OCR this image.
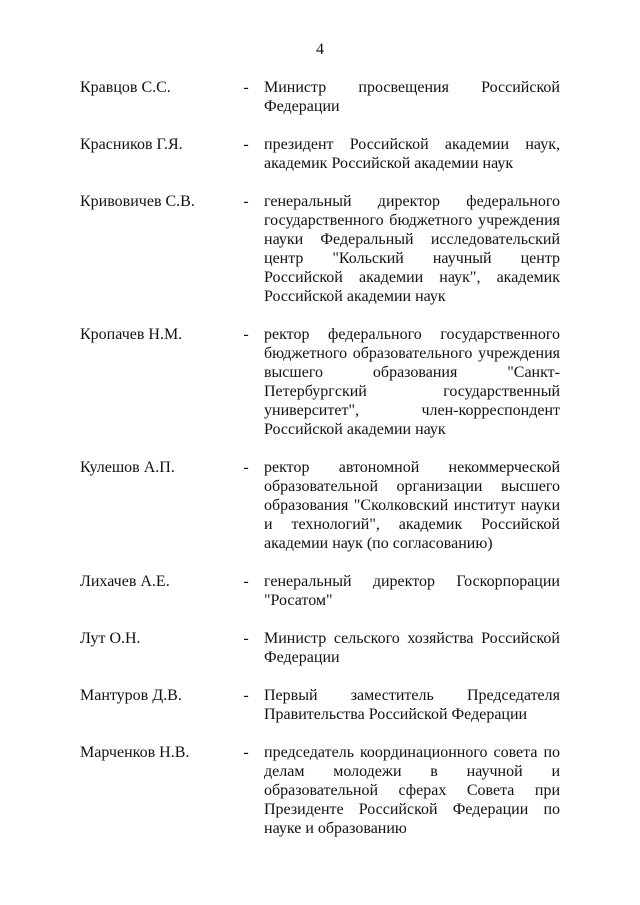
4
Кравцов С.С.	- Министр просвещения Российской Федерации
Красников Г.Я.	- президент Российской академии наук, академик Российской академии наук
Кривовичев С.В.	- генеральный директор федерального государственного бюджетного учреждения науки Федеральный исследовательский центр "Кольский научный центр Российской академии наук", академик Российской академии наук
Кропачев Н.М.	- ректор федерального государственного бюджетного образовательного учреждения высшего образования "Санкт-Петербургский государственный университет", член-корреспондент Российской академии наук
Кулешов А.П.	- ректор автономной некоммерческой образовательной организации высшего образования "Сколковский институт науки и технологий", академик Российской академии наук (по согласованию)
Лихачев А.Е.	- генеральный директор Госкорпорации "Росатом"
Лут О.Н.	- Министр сельского хозяйства Российской Федерации
Мантуров Д.В.	- Первый заместитель Председателя Правительства Российской Федерации
Марченков Н.В.	- председатель координационного совета по делам молодежи в научной и образовательной сферах Совета при Президенте Российской Федерации по науке и образованию
